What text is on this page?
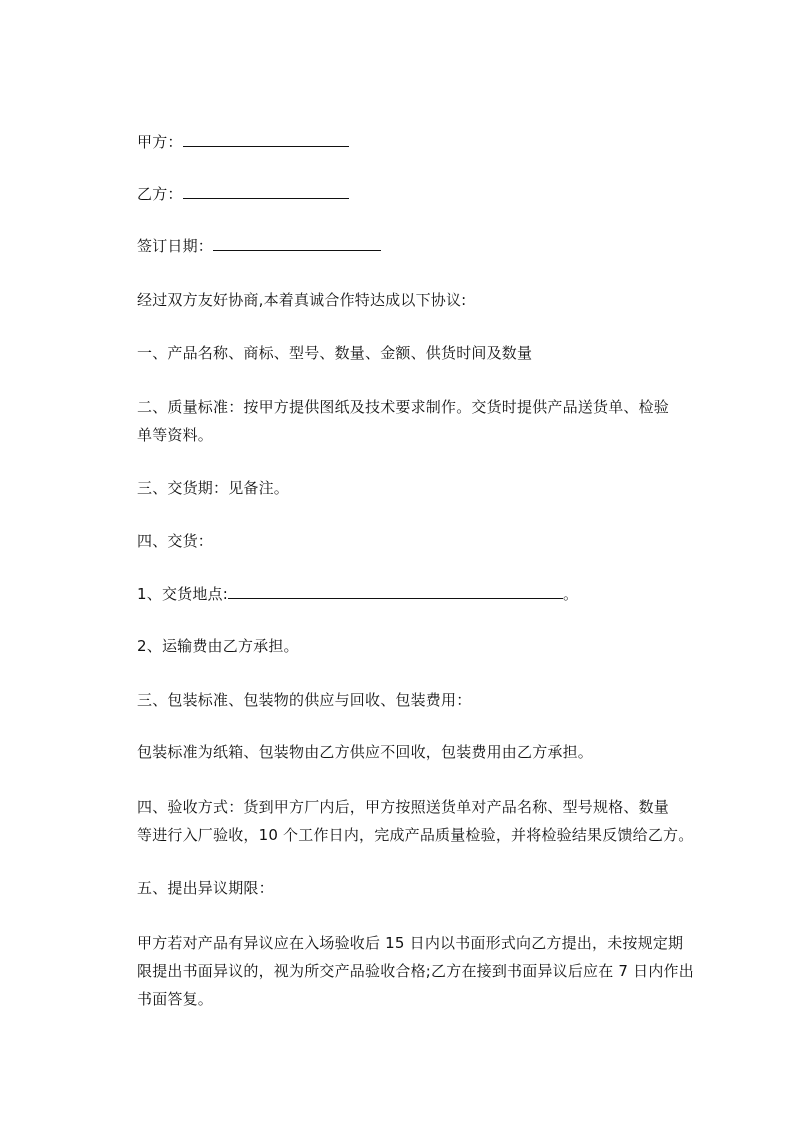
甲方：
乙方：
签订日期：
经过双方友好协商,本着真诚合作特达成以下协议:
一、产品名称、商标、型号、数量、金额、供货时间及数量
二、质量标准：按甲方提供图纸及技术要求制作。交货时提供产品送货单、检验
单等资料。
三、交货期：见备注。
四、交货：
1、交货地点:	。
2、运输费由乙方承担。
三、包装标准、包装物的供应与回收、包装费用：
包装标准为纸箱、包装物由乙方供应不回收，包装费用由乙方承担。
四、验收方式：货到甲方厂内后，甲方按照送货单对产品名称、型号规格、数量
等进行入厂验收，10 个工作日内，完成产品质量检验，并将检验结果反馈给乙方。
五、提出异议期限：
甲方若对产品有异议应在入场验收后 15 日内以书面形式向乙方提出，未按规定期
限提出书面异议的，视为所交产品验收合格;乙方在接到书面异议后应在 7 日内作出
书面答复。
